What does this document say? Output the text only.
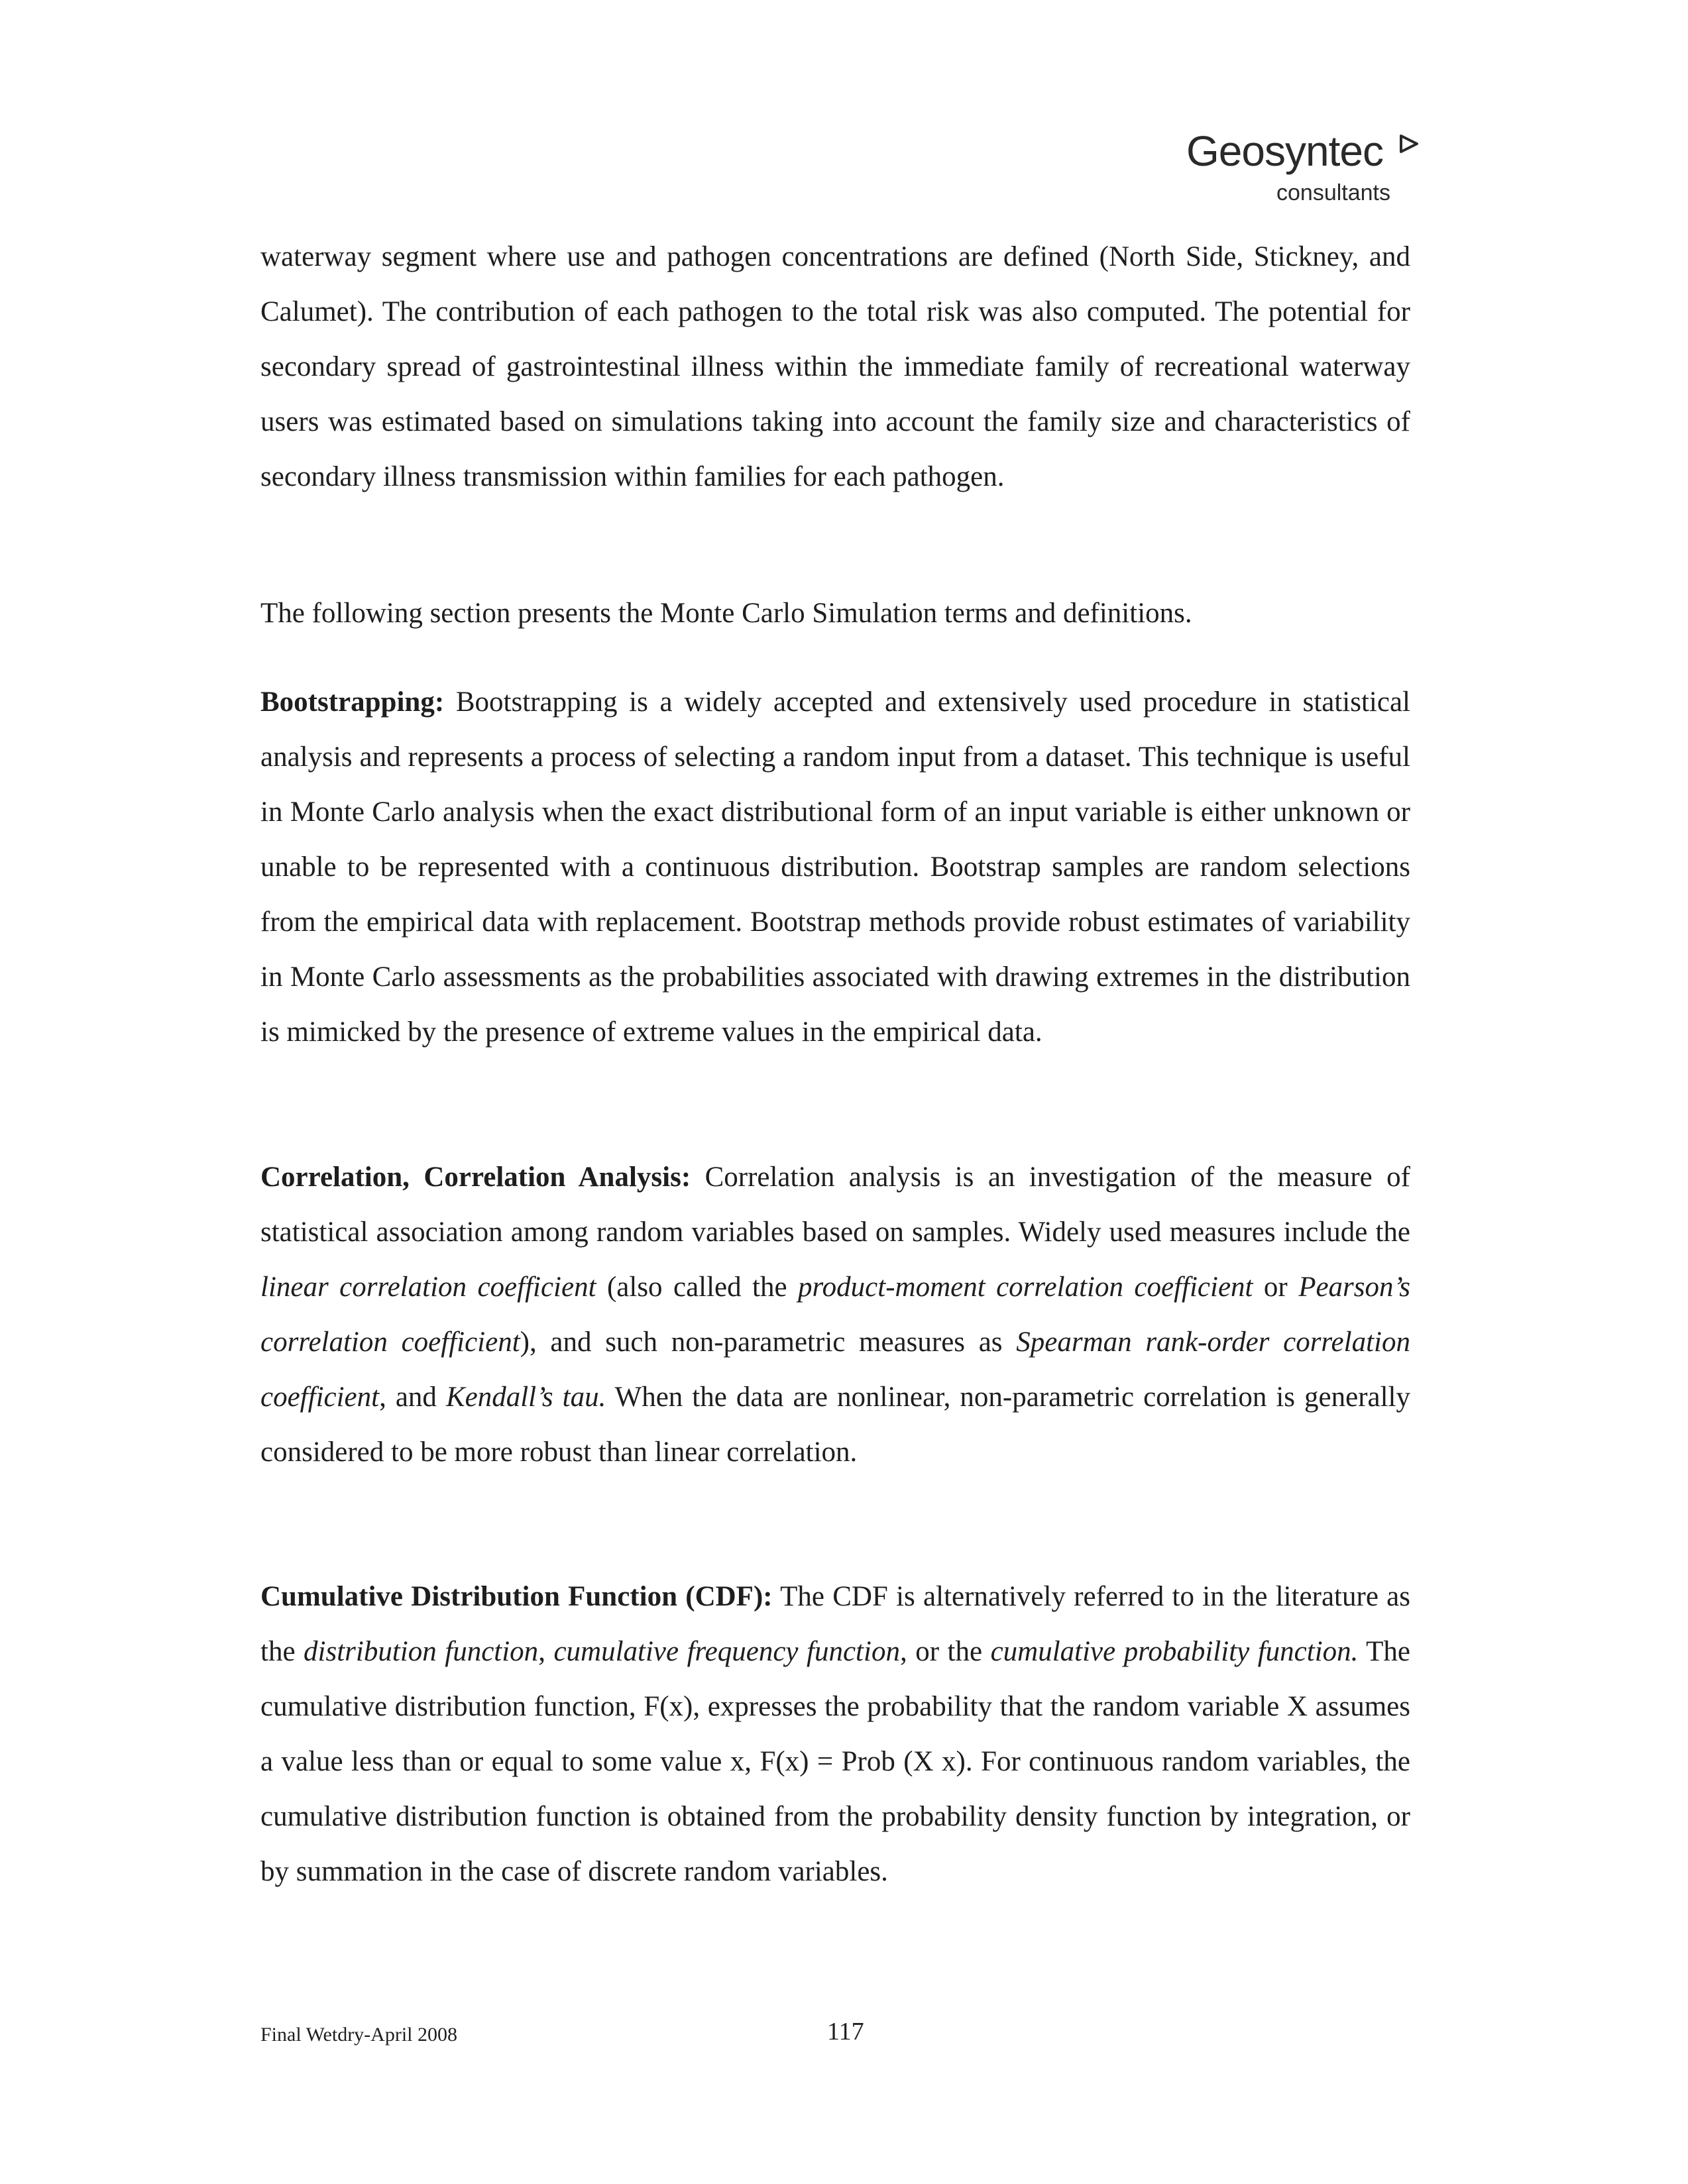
Geosyntec
consultants

waterway segment where use and pathogen concentrations are defined (North Side, Stickney, and Calumet). The contribution of each pathogen to the total risk was also computed. The potential for secondary spread of gastrointestinal illness within the immediate family of recreational waterway users was estimated based on simulations taking into account the family size and characteristics of secondary illness transmission within families for each pathogen.

The following section presents the Monte Carlo Simulation terms and definitions.

Bootstrapping: Bootstrapping is a widely accepted and extensively used procedure in statistical analysis and represents a process of selecting a random input from a dataset. This technique is useful in Monte Carlo analysis when the exact distributional form of an input variable is either unknown or unable to be represented with a continuous distribution. Bootstrap samples are random selections from the empirical data with replacement. Bootstrap methods provide robust estimates of variability in Monte Carlo assessments as the probabilities associated with drawing extremes in the distribution is mimicked by the presence of extreme values in the empirical data.

Correlation, Correlation Analysis: Correlation analysis is an investigation of the measure of statistical association among random variables based on samples. Widely used measures include the linear correlation coefficient (also called the product-moment correlation coefficient or Pearson’s correlation coefficient), and such non-parametric measures as Spearman rank-order correlation coefficient, and Kendall’s tau. When the data are nonlinear, non-parametric correlation is generally considered to be more robust than linear correlation.

Cumulative Distribution Function (CDF): The CDF is alternatively referred to in the literature as the distribution function, cumulative frequency function, or the cumulative probability function. The cumulative distribution function, F(x), expresses the probability that the random variable X assumes a value less than or equal to some value x, F(x) = Prob (X x). For continuous random variables, the cumulative distribution function is obtained from the probability density function by integration, or by summation in the case of discrete random variables.

Final Wetdry-April 2008	117
